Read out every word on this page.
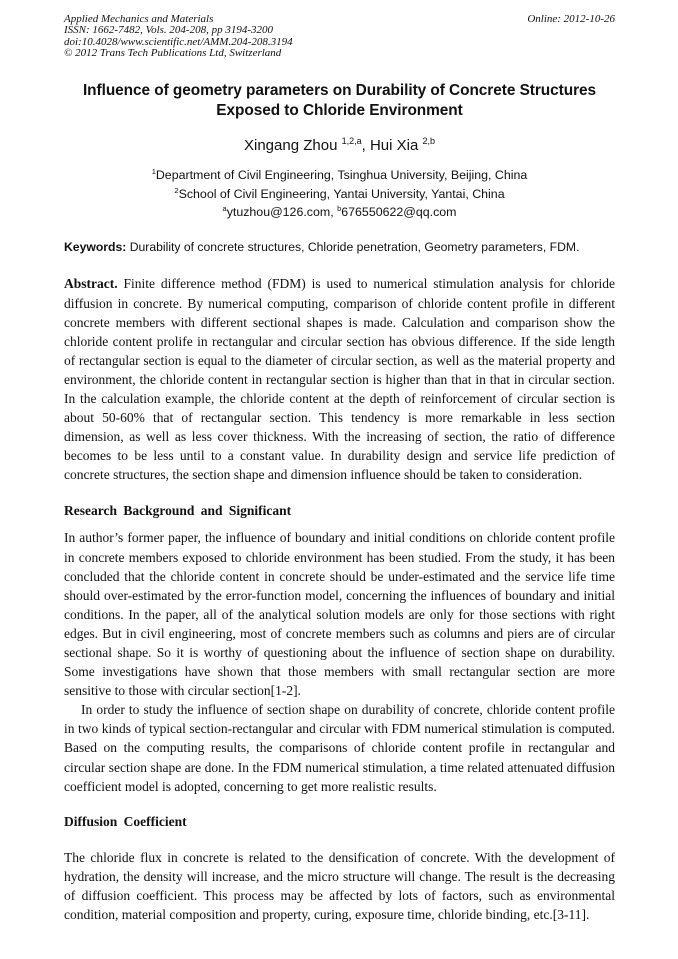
Applied Mechanics and Materials
ISSN: 1662-7482, Vols. 204-208, pp 3194-3200
doi:10.4028/www.scientific.net/AMM.204-208.3194
© 2012 Trans Tech Publications Ltd, Switzerland
Online: 2012-10-26
Influence of geometry parameters on Durability of Concrete Structures
Exposed to Chloride Environment
Xingang Zhou $^{1,2,a}$, Hui Xia $^{2,b}$
$^1$Department of Civil Engineering, Tsinghua University, Beijing, China
$^2$School of Civil Engineering, Yantai University, Yantai, China
$^a$ytuzhou@126.com, $^b$676550622@qq.com
Keywords: Durability of concrete structures, Chloride penetration, Geometry parameters, FDM.
Abstract. Finite difference method (FDM) is used to numerical stimulation analysis for chloride diffusion in concrete. By numerical computing, comparison of chloride content profile in different concrete members with different sectional shapes is made. Calculation and comparison show the chloride content prolife in rectangular and circular section has obvious difference. If the side length of rectangular section is equal to the diameter of circular section, as well as the material property and environment, the chloride content in rectangular section is higher than that in that in circular section. In the calculation example, the chloride content at the depth of reinforcement of circular section is about 50-60% that of rectangular section. This tendency is more remarkable in less section dimension, as well as less cover thickness. With the increasing of section, the ratio of difference becomes to be less until to a constant value. In durability design and service life prediction of concrete structures, the section shape and dimension influence should be taken to consideration.
Research Background and Significant
In author’s former paper, the influence of boundary and initial conditions on chloride content profile in concrete members exposed to chloride environment has been studied. From the study, it has been concluded that the chloride content in concrete should be under-estimated and the service life time should over-estimated by the error-function model, concerning the influences of boundary and initial conditions. In the paper, all of the analytical solution models are only for those sections with right edges. But in civil engineering, most of concrete members such as columns and piers are of circular sectional shape. So it is worthy of questioning about the influence of section shape on durability. Some investigations have shown that those members with small rectangular section are more sensitive to those with circular section[1-2].
In order to study the influence of section shape on durability of concrete, chloride content profile in two kinds of typical section-rectangular and circular with FDM numerical stimulation is computed. Based on the computing results, the comparisons of chloride content profile in rectangular and circular section shape are done. In the FDM numerical stimulation, a time related attenuated diffusion coefficient model is adopted, concerning to get more realistic results.
Diffusion Coefficient
The chloride flux in concrete is related to the densification of concrete. With the development of hydration, the density will increase, and the micro structure will change. The result is the decreasing of diffusion coefficient. This process may be affected by lots of factors, such as environmental condition, material composition and property, curing, exposure time, chloride binding, etc.[3-11].
